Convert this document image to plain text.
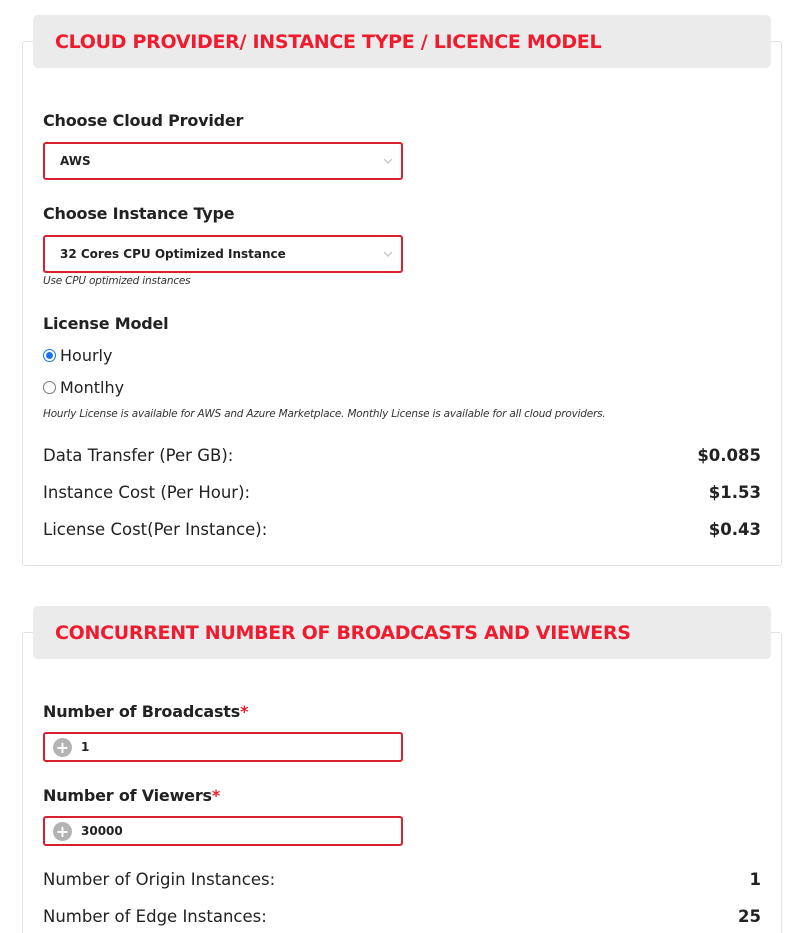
CLOUD PROVIDER/ INSTANCE TYPE / LICENCE MODEL
Choose Cloud Provider
AWS
Choose Instance Type
32 Cores CPU Optimized Instance
Use CPU optimized instances
License Model
Hourly
Montlhy
Hourly License is available for AWS and Azure Marketplace. Monthly License is available for all cloud providers.
Data Transfer (Per GB):	$0.085
Instance Cost (Per Hour):	$1.53
License Cost(Per Instance):	$0.43
CONCURRENT NUMBER OF BROADCASTS AND VIEWERS
Number of Broadcasts*
+ 1
Number of Viewers*
+ 30000
Number of Origin Instances:	1
Number of Edge Instances:	25
